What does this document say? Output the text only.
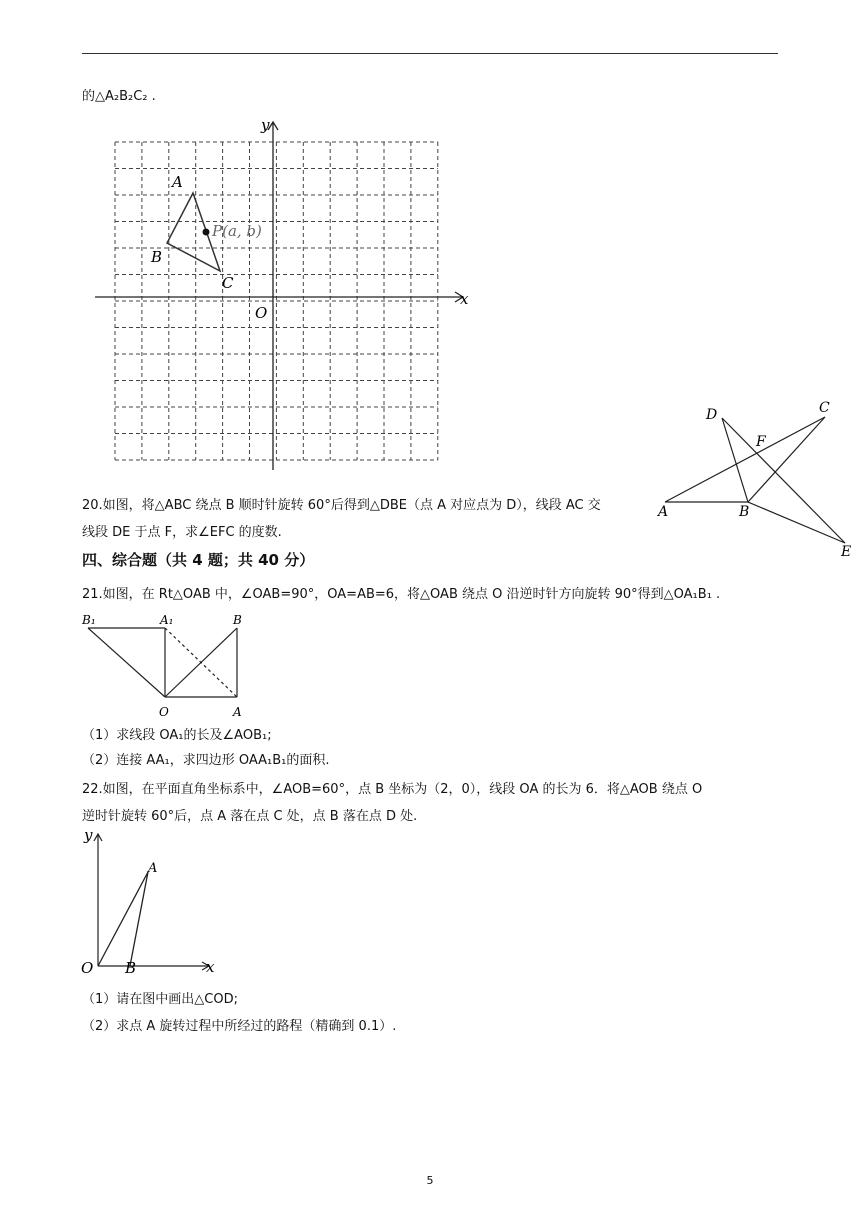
的△A₂B₂C₂ .
y
x
O
A
B
C
P(a, b)
20.如图，将△ABC 绕点 B 顺时针旋转 60°后得到△DBE（点 A 对应点为 D），线段 AC 交
线段 DE 于点 F，求∠EFC 的度数.
A	B
C
D
E
F
四、综合题（共 4 题；共 40 分）
21.如图，在 Rt△OAB 中，∠OAB=90°，OA=AB=6，将△OAB 绕点 O 沿逆时针方向旋转 90°得到△OA₁B₁ .
B₁	A₁	B
O	A
（1）求线段 OA₁的长及∠AOB₁;
（2）连接 AA₁，求四边形 OAA₁B₁的面积.
22.如图，在平面直角坐标系中，∠AOB=60°，点 B 坐标为（2，0），线段 OA 的长为 6．将△AOB 绕点 O
逆时针旋转 60°后，点 A 落在点 C 处，点 B 落在点 D 处.
y
x
O
A
B
（1）请在图中画出△COD;
（2）求点 A 旋转过程中所经过的路程（精确到 0.1）.
5
